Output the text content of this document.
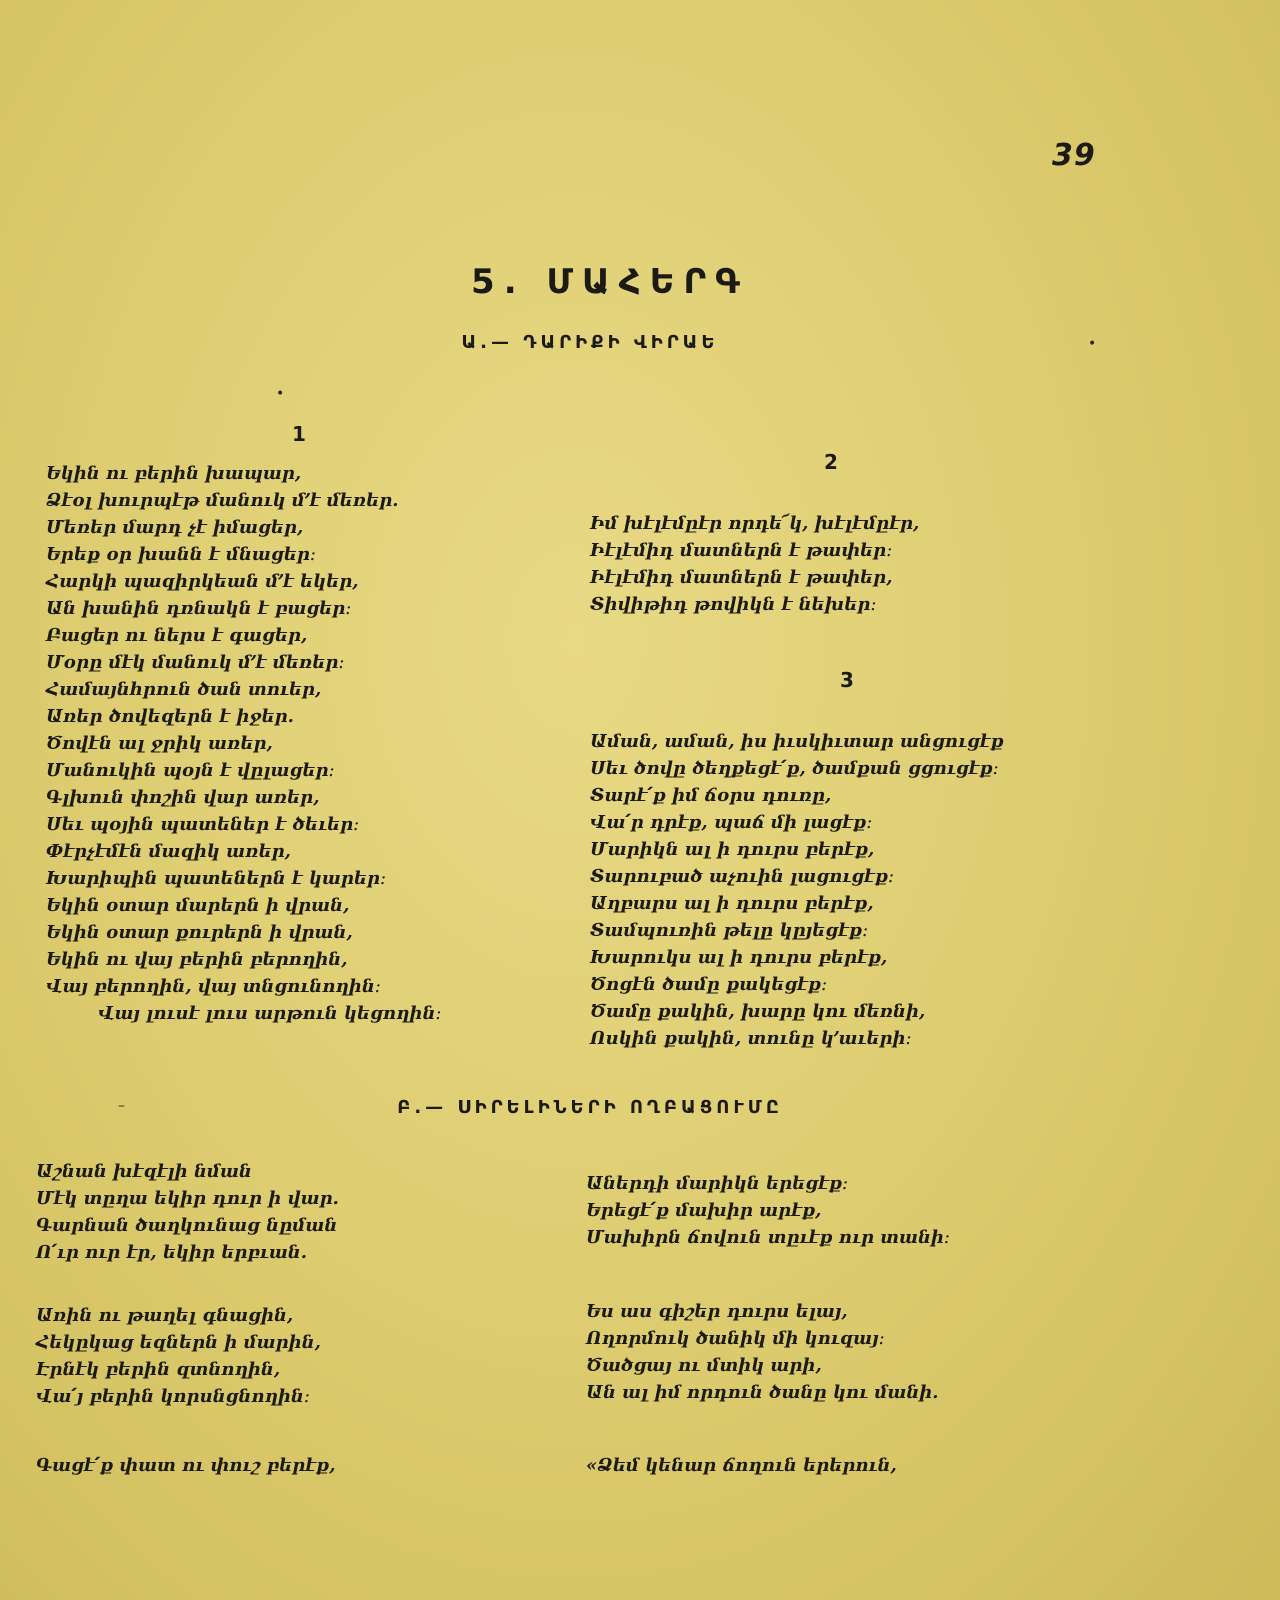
39
5. ՄԱՀԵՐԳ
Ա.— ԴԱՐԻՔԻ ՎԻՐԱԵ	•
•
1
Եկին ու բերին խապար,
Ձէօլ խուրպէթ մանուկ մ՚է մեռեր.
Մեռեր մարդ չէ իմացեր,
Երեք օր խանն է մնացեր։
Հարկի պազիրկեան մ՚է եկեր,
Ան խանին դռնակն է բացեր։
Բացեր ու ներս է գացեր,
Մօրը մէկ մանուկ մ՚է մեռեր։
Համայնհրուն ծան տուեր,
Առեր ծովեզերն է իջեր.
Ծովէն ալ ջրիկ առեր,
Մանուկին պօյն է վըլացեր։
Գլխուն փոշին վար առեր,
Սեւ պօյին պատեներ է ծեւեր։
Փէրչէմէն մազիկ առեր,
Խարիպին պատեներն է կարեր։
Եկին օտար մարերն ի վրան,
Եկին օտար քուրերն ի վրան,
Եկին ու վայ բերին բերողին,
Վայ բերողին, վայ տնցունողին։
Վայ լուսէ լուս արթուն կեցողին։
2
Իմ խէլէմըէր որդե՜կ, խէլէմըէր,
Իէլէմիդ մատներն է թափեր։
Իէլէմիդ մատներն է թափեր,
Տիվիթիդ թովիկն է նեխեր։
3
Աման, աման, իս իւսկիւտար անցուցէք
Սեւ ծովը ծեղքեցէ՛ք, ծամքան ցցուցէք։
Տարէ՛ք իմ ճօրս դուռը,
Վա՛ր դրէք, պաճ մի լացէք։
Մարիկն ալ ի դուրս բերէք,
Տարուբած աչուին լացուցէք։
Աղբարս ալ ի դուրս բերէք,
Տամպուռին թելը կըյեցէք։
Խարուկս ալ ի դուրս բերէք,
Ծոցէն ծամը քակեցէք։
Ծամը քակին, խարը կու մեռնի,
Ոսկին քակին, տունը կ՚աւերի։
–	Բ.— ՍԻՐԵԼԻՆԵՐԻ ՈՂԲԱՑՈՒՄԸ
Աշնան խէզէլի նման
Մէկ տըղա եկիր դուր ի վար.
Գարնան ծաղկունաց նըման
Ո՛ւր ուր էր, եկիր երբւան.
Առին ու թաղել գնացին,
Հեկըկաց եզներն ի մարին,
Էրնէկ բերին զտնողին,
Վա՛յ բերին կորսնցնողին։
Գացէ՛ք փատ ու փուշ բերէք,
Աներդի մարիկն երեցէք։
Երեցէ՛ք մախիր արէք,
Մախիրն ճովուն տըւէք ուր տանի։
Ես աս գիշեր դուրս ելայ,
Ողորմուկ ծանիկ մի կուզայ։
Ծածցայ ու մտիկ արի,
Ան ալ իմ որդուն ծանը կու մանի.
«Ձեմ կենար ճողուն երերուն,
